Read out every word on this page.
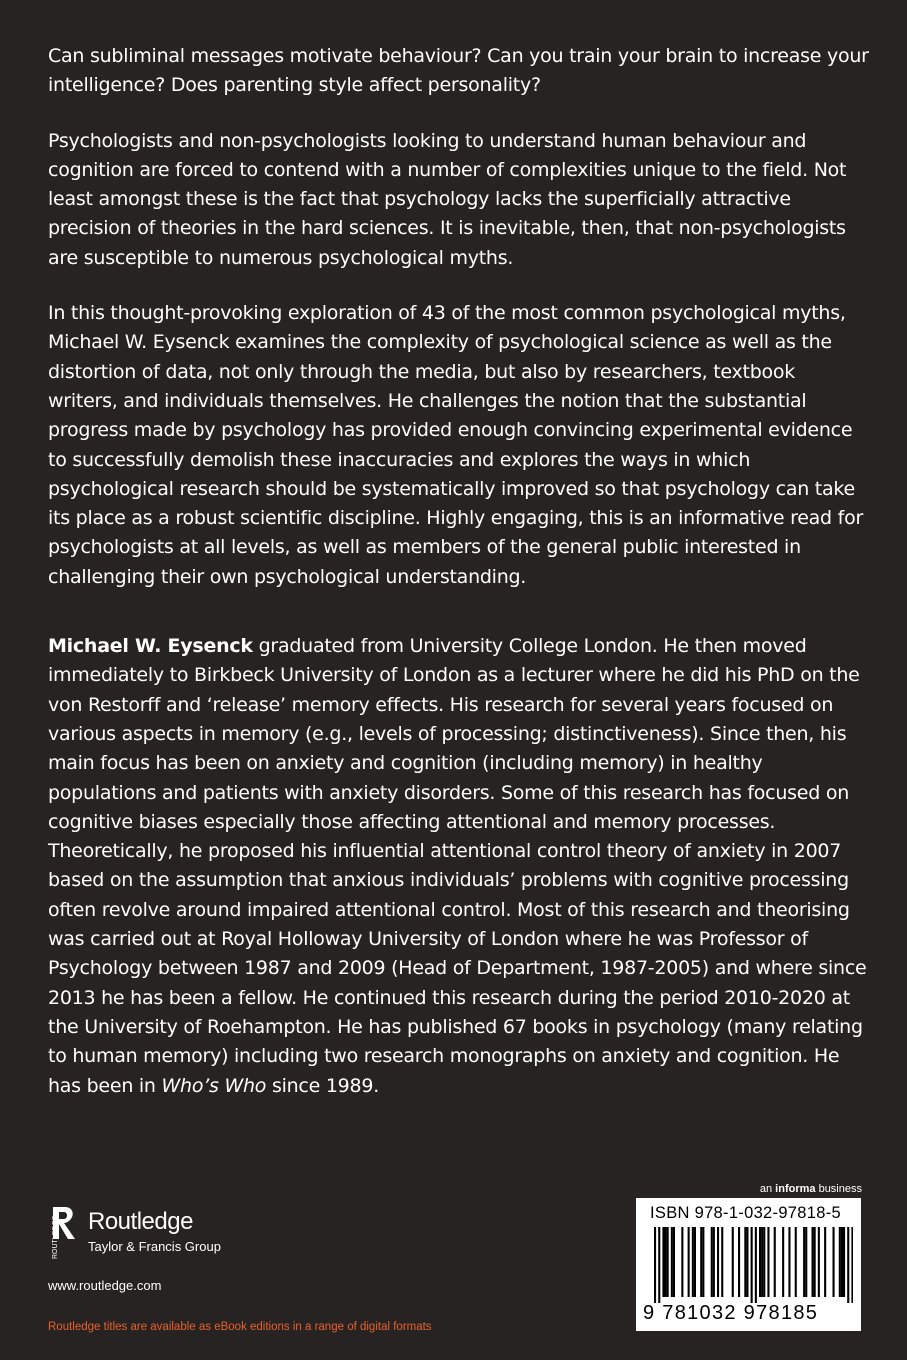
Can subliminal messages motivate behaviour? Can you train your brain to increase your intelligence? Does parenting style affect personality?

Psychologists and non-psychologists looking to understand human behaviour and cognition are forced to contend with a number of complexities unique to the field. Not least amongst these is the fact that psychology lacks the superficially attractive precision of theories in the hard sciences. It is inevitable, then, that non-psychologists are susceptible to numerous psychological myths.

In this thought-provoking exploration of 43 of the most common psychological myths, Michael W. Eysenck examines the complexity of psychological science as well as the distortion of data, not only through the media, but also by researchers, textbook writers, and individuals themselves. He challenges the notion that the substantial progress made by psychology has provided enough convincing experimental evidence to successfully demolish these inaccuracies and explores the ways in which psychological research should be systematically improved so that psychology can take its place as a robust scientific discipline. Highly engaging, this is an informative read for psychologists at all levels, as well as members of the general public interested in challenging their own psychological understanding.

Michael W. Eysenck graduated from University College London. He then moved immediately to Birkbeck University of London as a lecturer where he did his PhD on the von Restorff and ‘release’ memory effects. His research for several years focused on various aspects in memory (e.g., levels of processing; distinctiveness). Since then, his main focus has been on anxiety and cognition (including memory) in healthy populations and patients with anxiety disorders. Some of this research has focused on cognitive biases especially those affecting attentional and memory processes. Theoretically, he proposed his influential attentional control theory of anxiety in 2007 based on the assumption that anxious individuals’ problems with cognitive processing often revolve around impaired attentional control. Most of this research and theorising was carried out at Royal Holloway University of London where he was Professor of Psychology between 1987 and 2009 (Head of Department, 1987-2005) and where since 2013 he has been a fellow. He continued this research during the period 2010-2020 at the University of Roehampton. He has published 67 books in psychology (many relating to human memory) including two research monographs on anxiety and cognition. He has been in Who’s Who since 1989.

ROUTLEDGE Routledge
Taylor & Francis Group
www.routledge.com
Routledge titles are available as eBook editions in a range of digital formats
an informa business
ISBN 978-1-032-97818-5
9 781032 978185
